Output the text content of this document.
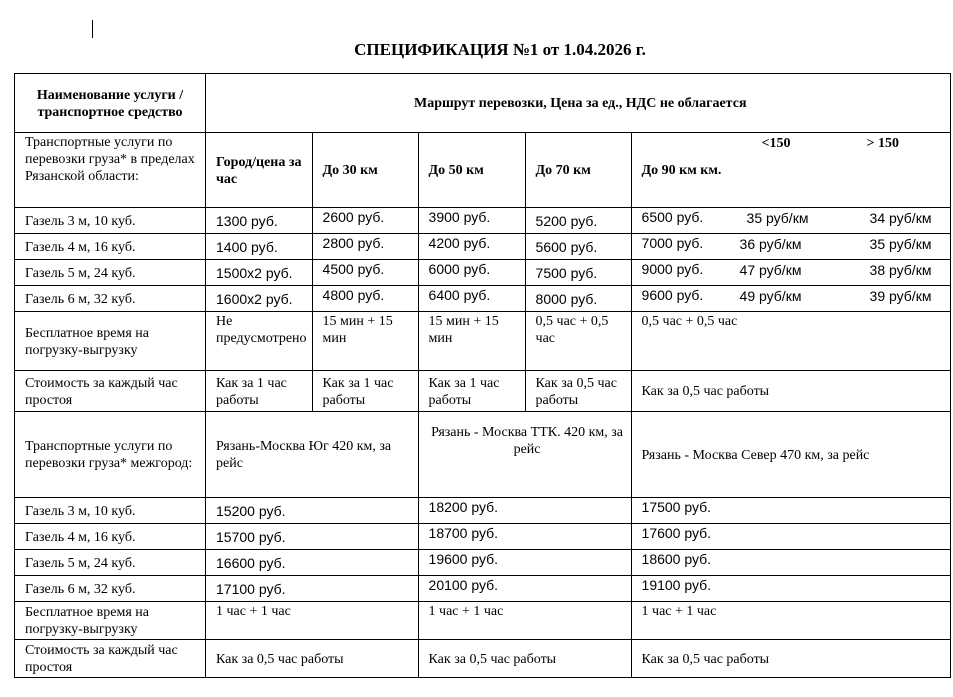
СПЕЦИФИКАЦИЯ №1 от 1.04.2026 г.
Наименование услуги / транспортное средство	Маршрут перевозки, Цена за ед., НДС не облагается				
Транспортные услуги по перевозки груза* в пределах Рязанской области:	Город/цена за час	До 30 км	До 50 км	До 70 км	До 90 км км.
<150 > 150

Газель 3 м, 10 куб.	1300 руб.	2600 руб.	3900 руб.	5200 руб.	6500 руб. 35 руб/км 34 руб/км

Газель 4 м, 16 куб.	1400 руб.	2800 руб.	4200 руб.	5600 руб.	7000 руб. 36 руб/км 35 руб/км

Газель 5 м, 24 куб.	1500х2 руб.	4500 руб.	6000 руб.	7500 руб.	9000 руб. 47 руб/км 38 руб/км

Газель 6 м, 32 куб.	1600х2 руб.	4800 руб.	6400 руб.	8000 руб.	9600 руб. 49 руб/км 39 руб/км

Бесплатное время на погрузку-выгрузку	Не предусмотрено	15 мин + 15 мин	15 мин + 15 мин	0,5 час + 0,5 час	0,5 час + 0,5 час
Стоимость за каждый час простоя	Как за 1 час работы	Как за 1 час работы	Как за 1 час работы	Как за 0,5 час работы	Как за 0,5 час работы
Транспортные услуги по перевозки груза* межгород:	Рязань-Москва Юг 420 км, за рейс		Рязань - Москва ТТК. 420 км, за рейс		Рязань - Москва Север 470 км, за рейс
Газель 3 м, 10 куб.	15200 руб.		18200 руб.		17500 руб.
Газель 4 м, 16 куб.	15700 руб.		18700 руб.		17600 руб.
Газель 5 м, 24 куб.	16600 руб.		19600 руб.		18600 руб.
Газель 6 м, 32 куб.	17100 руб.		20100 руб.		19100 руб.
Бесплатное время на погрузку-выгрузку	1 час + 1 час		1 час + 1 час		1 час + 1 час
Стоимость за каждый час простоя	Как за 0,5 час работы		Как за 0,5 час работы		Как за 0,5 час работы
